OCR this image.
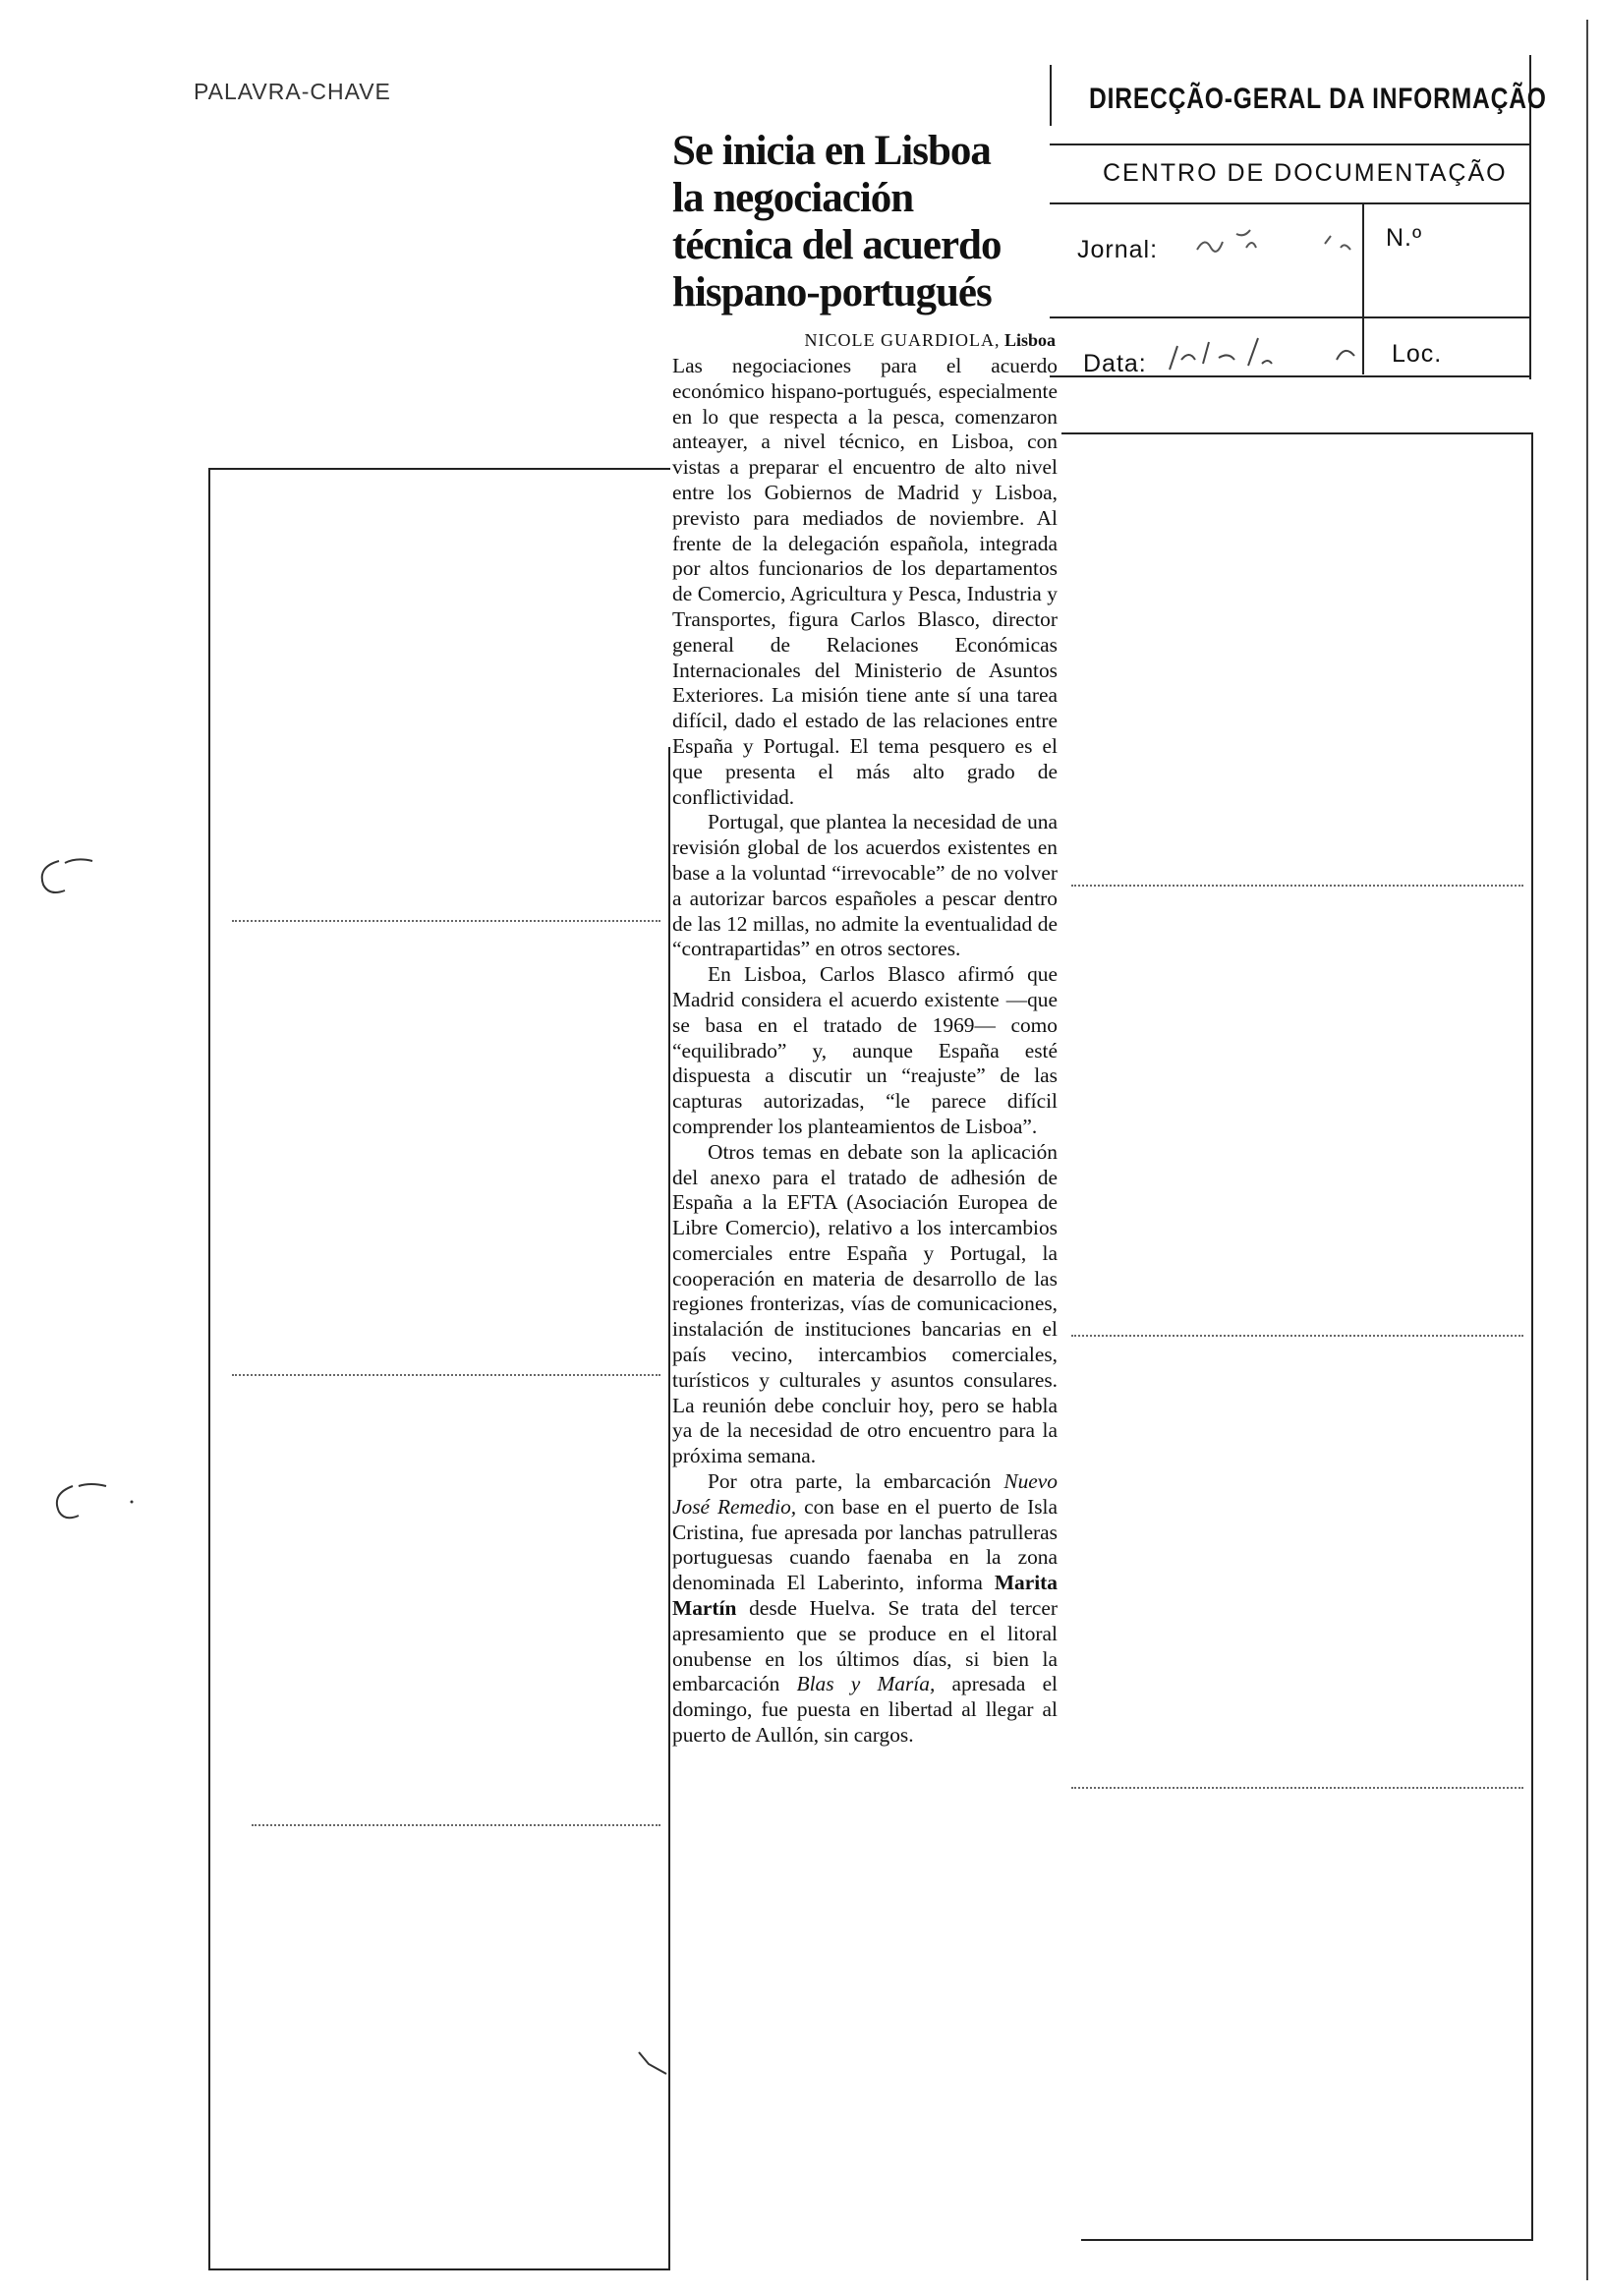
PALAVRA-CHAVE	DIRECÇÃO-GERAL DA INFORMAÇÃO
CENTRO DE DOCUMENTAÇÃO
Jornal:	N.º
Data:	Loc.
Se inicia en Lisboa
la negociación
técnica del acuerdo
hispano-portugués
NICOLE GUARDIOLA, Lisboa

Las negociaciones para el acuerdo económico hispano-portugués, especialmente en lo que respecta a la pesca, comenzaron anteayer, a nivel técnico, en Lisboa, con vistas a preparar el encuentro de alto nivel entre los Gobiernos de Madrid y Lisboa, previsto para mediados de noviembre. Al frente de la delegación española, integrada por altos funcionarios de los departamentos de Comercio, Agricultura y Pesca, Industria y Transportes, figura Carlos Blasco, director general de Relaciones Económicas Internacionales del Ministerio de Asuntos Exteriores. La misión tiene ante sí una tarea difícil, dado el estado de las relaciones entre España y Portugal. El tema pesquero es el que presenta el más alto grado de conflictividad.

Portugal, que plantea la necesidad de una revisión global de los acuerdos existentes en base a la voluntad “irrevocable” de no volver a autorizar barcos españoles a pescar dentro de las 12 millas, no admite la eventualidad de “contrapartidas” en otros sectores.

En Lisboa, Carlos Blasco afirmó que Madrid considera el acuerdo existente —que se basa en el tratado de 1969— como “equilibrado” y, aunque España esté dispuesta a discutir un “reajuste” de las capturas autorizadas, “le parece difícil comprender los planteamientos de Lisboa”.

Otros temas en debate son la aplicación del anexo para el tratado de adhesión de España a la EFTA (Asociación Europea de Libre Comercio), relativo a los intercambios comerciales entre España y Portugal, la cooperación en materia de desarrollo de las regiones fronterizas, vías de comunicaciones, instalación de instituciones bancarias en el país vecino, intercambios comerciales, turísticos y culturales y asuntos consulares. La reunión debe concluir hoy, pero se habla ya de la necesidad de otro encuentro para la próxima semana.

Por otra parte, la embarcación Nuevo José Remedio, con base en el puerto de Isla Cristina, fue apresada por lanchas patrulleras portuguesas cuando faenaba en la zona denominada El Laberinto, informa Marita Martín desde Huelva. Se trata del tercer apresamiento que se produce en el litoral onubense en los últimos días, si bien la embarcación Blas y María, apresada el domingo, fue puesta en libertad al llegar al puerto de Aullón, sin cargos.
